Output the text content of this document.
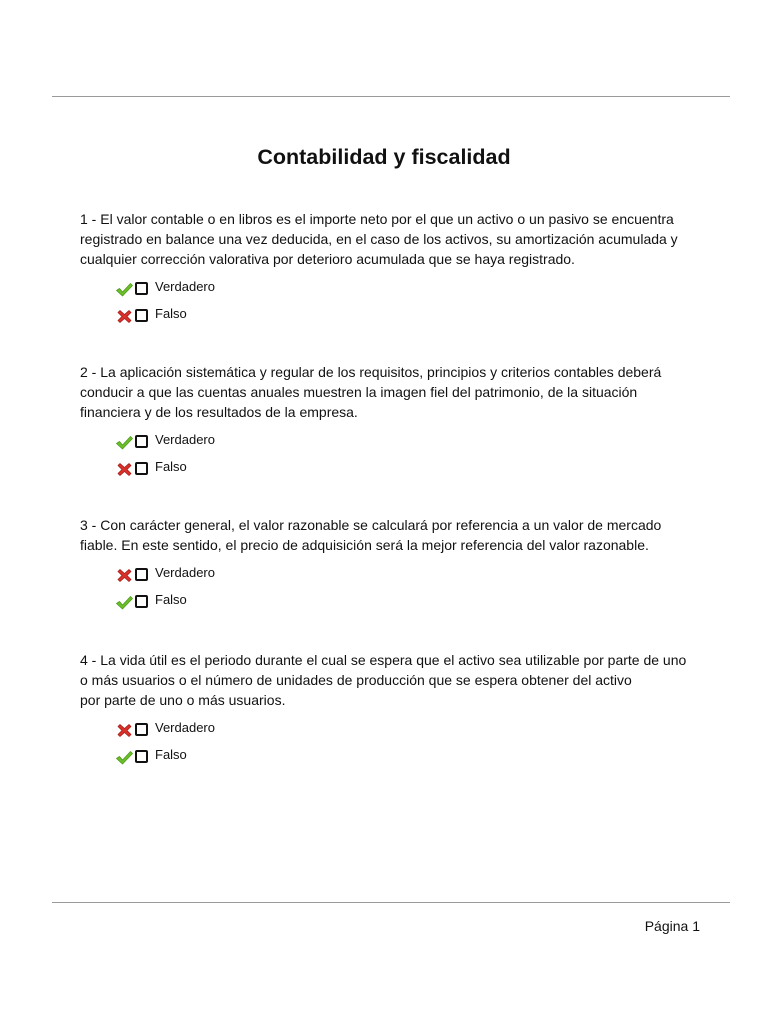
Contabilidad y fiscalidad

1 - El valor contable o en libros es el importe neto por el que un activo o un pasivo se encuentra
registrado en balance una vez deducida, en el caso de los activos, su amortización acumulada y
cualquier corrección valorativa por deterioro acumulada que se haya registrado.

Verdadero
Falso

2 - La aplicación sistemática y regular de los requisitos, principios y criterios contables deberá
conducir a que las cuentas anuales muestren la imagen fiel del patrimonio, de la situación
financiera y de los resultados de la empresa.

Verdadero
Falso

3 - Con carácter general, el valor razonable se calculará por referencia a un valor de mercado
fiable. En este sentido, el precio de adquisición será la mejor referencia del valor razonable.

Verdadero
Falso

4 - La vida útil es el periodo durante el cual se espera que el activo sea utilizable por parte de uno
o más usuarios o el número de unidades de producción que se espera obtener del activo
por parte de uno o más usuarios.

Verdadero
Falso
Página 1
